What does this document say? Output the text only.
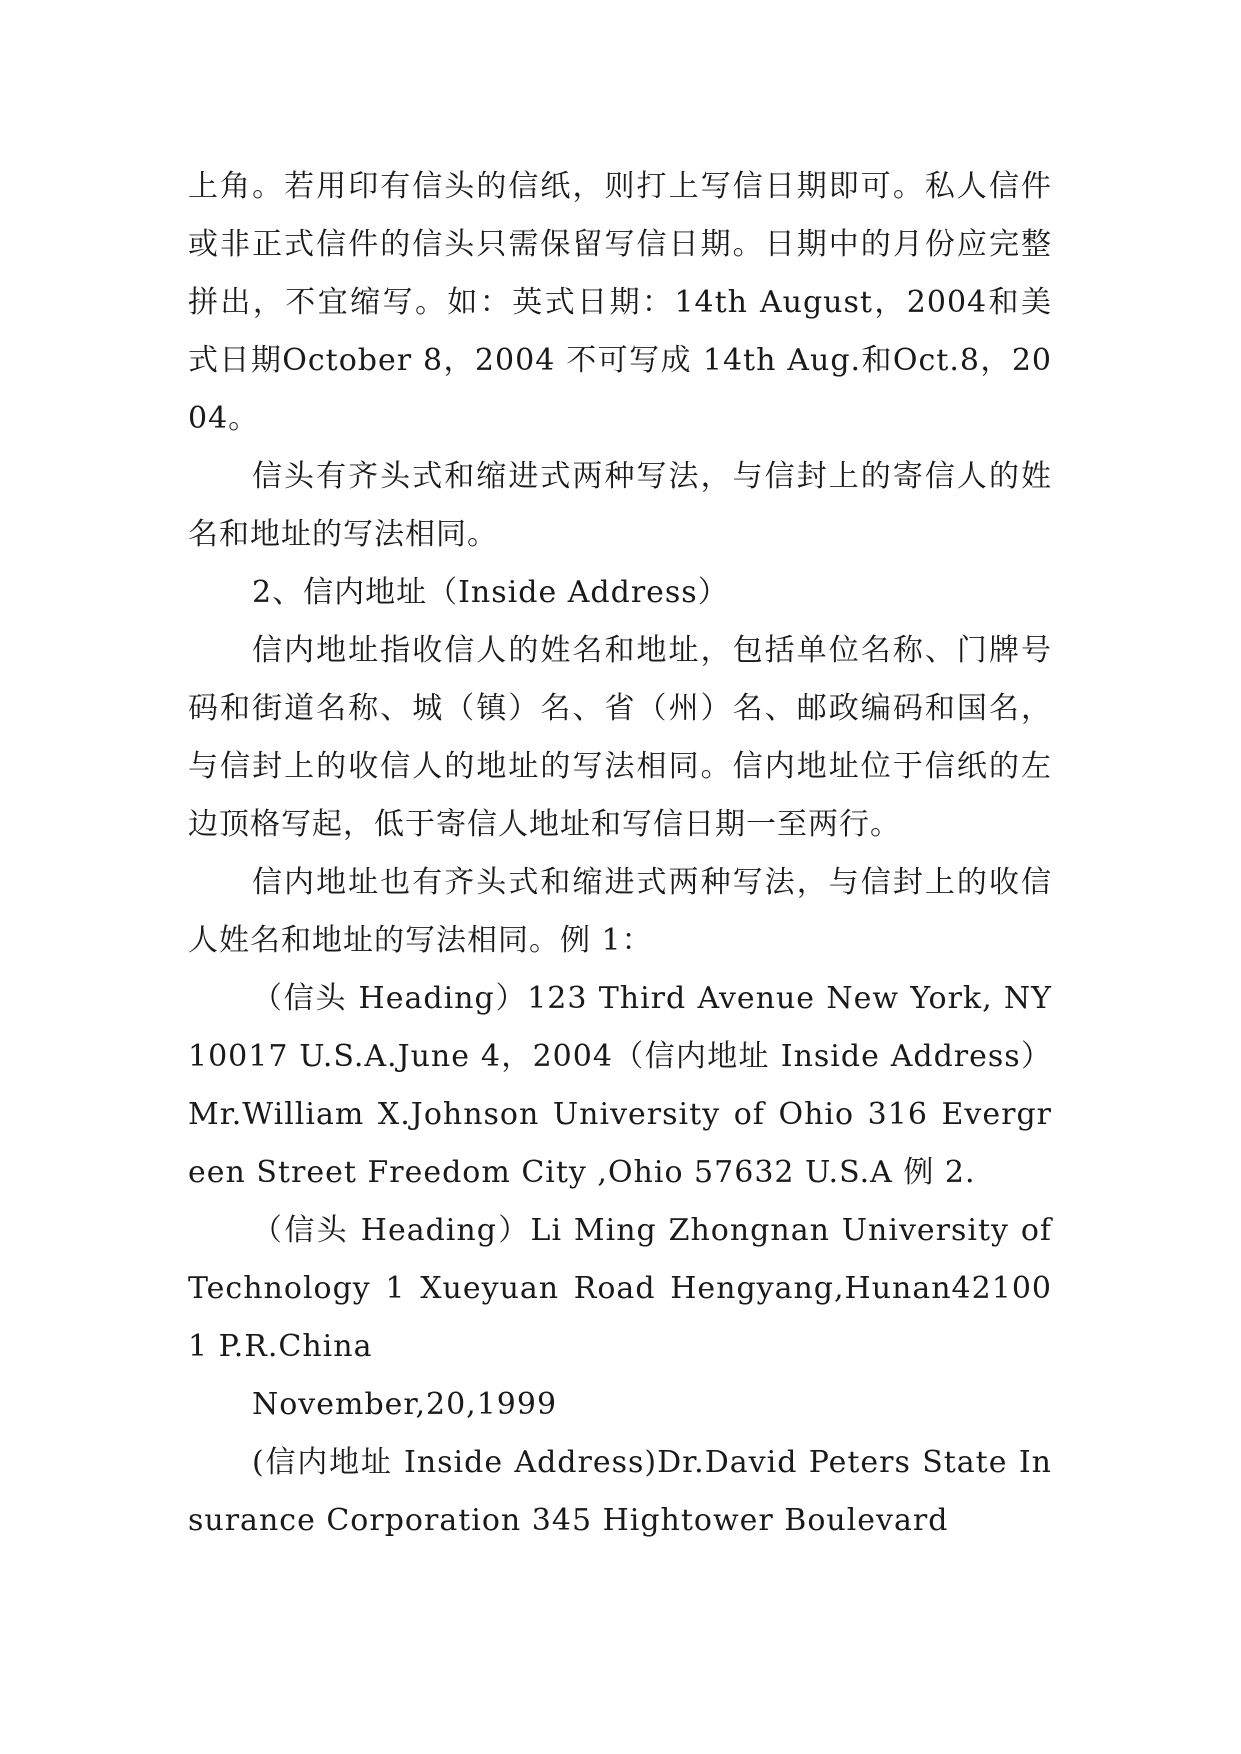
上角。若用印有信头的信纸，则打上写信日期即可。私人信件或非正式信件的信头只需保留写信日期。日期中的月份应完整拼出，不宜缩写。如：英式日期：14th August，2004和美式日期October 8，2004 不可写成 14th Aug.和Oct.8，2004。

信头有齐头式和缩进式两种写法，与信封上的寄信人的姓名和地址的写法相同。

2、信内地址（Inside Address）

信内地址指收信人的姓名和地址，包括单位名称、门牌号码和街道名称、城（镇）名、省（州）名、邮政编码和国名，与信封上的收信人的地址的写法相同。信内地址位于信纸的左边顶格写起，低于寄信人地址和写信日期一至两行。

信内地址也有齐头式和缩进式两种写法，与信封上的收信人姓名和地址的写法相同。例 1：

（信头 Heading）123 Third Avenue New York, NY 10017 U.S.A.June 4，2004（信内地址 Inside Address）Mr.William X.Johnson University of Ohio 316 Evergreen Street Freedom City ,Ohio 57632 U.S.A 例 2.

（信头 Heading）Li Ming Zhongnan University of Technology 1 Xueyuan Road Hengyang,Hunan421001 P.R.China

November,20,1999

(信内地址 Inside Address)Dr.David Peters State Insurance Corporation 345 Hightower Boulevard
